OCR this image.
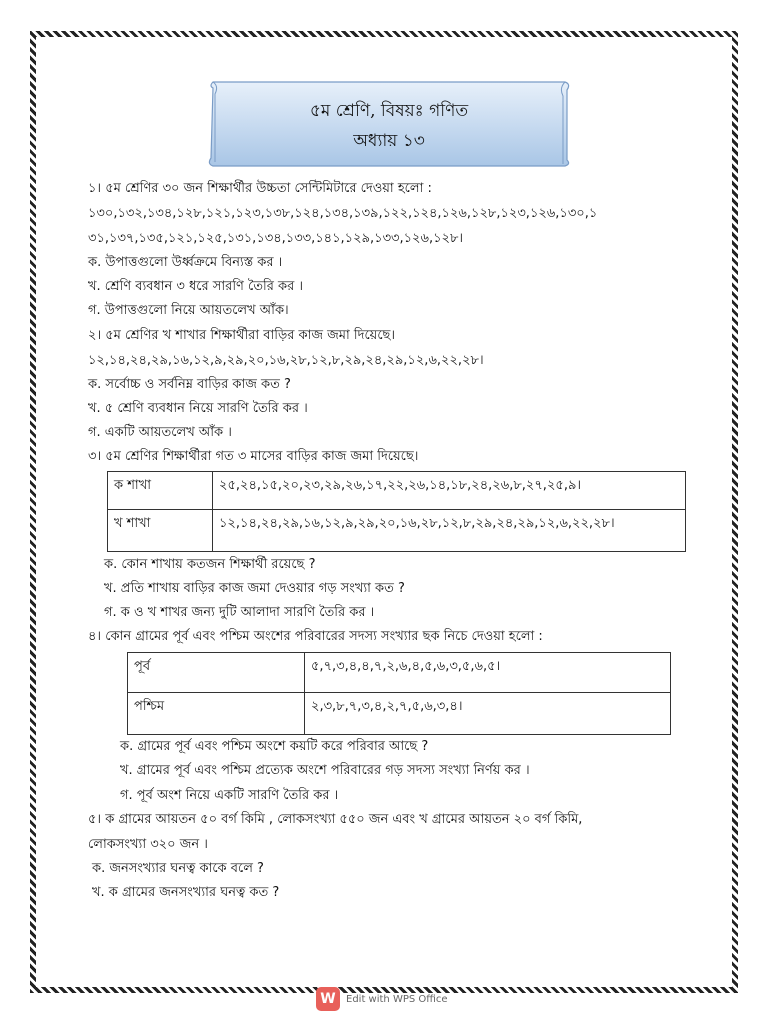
৫ম শ্রেণি, বিষয়ঃ গণিত
অধ্যায় ১৩
১। ৫ম শ্রেণির ৩০ জন শিক্ষার্থীর উচ্চতা সেন্টিমিটারে দেওয়া হলো :
১৩০,১৩২,১৩৪,১২৮,১২১,১২৩,১৩৮,১২৪,১৩৪,১৩৯,১২২,১২৪,১২৬,১২৮,১২৩,১২৬,১৩০,১
৩১,১৩৭,১৩৫,১২১,১২৫,১৩১,১৩৪,১৩৩,১৪১,১২৯,১৩৩,১২৬,১২৮।
ক. উপাত্তগুলো উর্ধ্বক্রমে বিন্যস্ত কর ।
খ. শ্রেণি ব্যবধান ৩ ধরে সারণি তৈরি কর ।
গ. উপাত্তগুলো নিয়ে আয়তলেখ আঁক।
২। ৫ম শ্রেণির খ শাখার শিক্ষার্থীরা বাড়ির কাজ জমা দিয়েছে।
১২,১৪,২৪,২৯,১৬,১২,৯,২৯,২০,১৬,২৮,১২,৮,২৯,২৪,২৯,১২,৬,২২,২৮।
ক. সর্বোচ্চ ও সর্বনিম্ন বাড়ির কাজ কত ?
খ. ৫ শ্রেণি ব্যবধান নিয়ে সারণি তৈরি কর ।
গ. একটি আয়তলেখ আঁক ।
৩। ৫ম শ্রেণির শিক্ষার্থীরা গত ৩ মাসের বাড়ির কাজ জমা দিয়েছে।
ক শাখা	২৫,২৪,১৫,২০,২৩,২৯,২৬,১৭,২২,২৬,১৪,১৮,২৪,২৬,৮,২৭,২৫,৯।
খ শাখা	১২,১৪,২৪,২৯,১৬,১২,৯,২৯,২০,১৬,২৮,১২,৮,২৯,২৪,২৯,১২,৬,২২,২৮।
ক. কোন শাখায় কতজন শিক্ষার্থী রয়েছে ?
খ. প্রতি শাখায় বাড়ির কাজ জমা দেওয়ার গড় সংখ্যা কত ?
গ. ক ও খ শাখর জন্য দুটি আলাদা সারণি তৈরি কর ।
৪। কোন গ্রামের পূর্ব এবং পশ্চিম অংশের পরিবারের সদস্য সংখ্যার ছক নিচে দেওয়া হলো :
পূর্ব	৫,৭,৩,৪,৪,৭,২,৬,৪,৫,৬,৩,৫,৬,৫।
পশ্চিম	২,৩,৮,৭,৩,৪,২,৭,৫,৬,৩,৪।
ক. গ্রামের পূর্ব এবং পশ্চিম অংশে কয়টি করে পরিবার আছে ?
খ. গ্রামের পূর্ব এবং পশ্চিম প্রত্যেক অংশে পরিবারের গড় সদস্য সংখ্যা নির্ণয় কর ।
গ. পূর্ব অংশ নিয়ে একটি সারণি তৈরি কর ।
৫। ক গ্রামের আয়তন ৫০ বর্গ কিমি , লোকসংখ্যা ৫৫০ জন এবং খ গ্রামের আয়তন ২০ বর্গ কিমি,
লোকসংখ্যা ৩২০ জন ।
ক. জনসংখ্যার ঘনত্ব কাকে বলে ?
খ. ক গ্রামের জনসংখ্যার ঘনত্ব কত ?
W	Edit with WPS Office
